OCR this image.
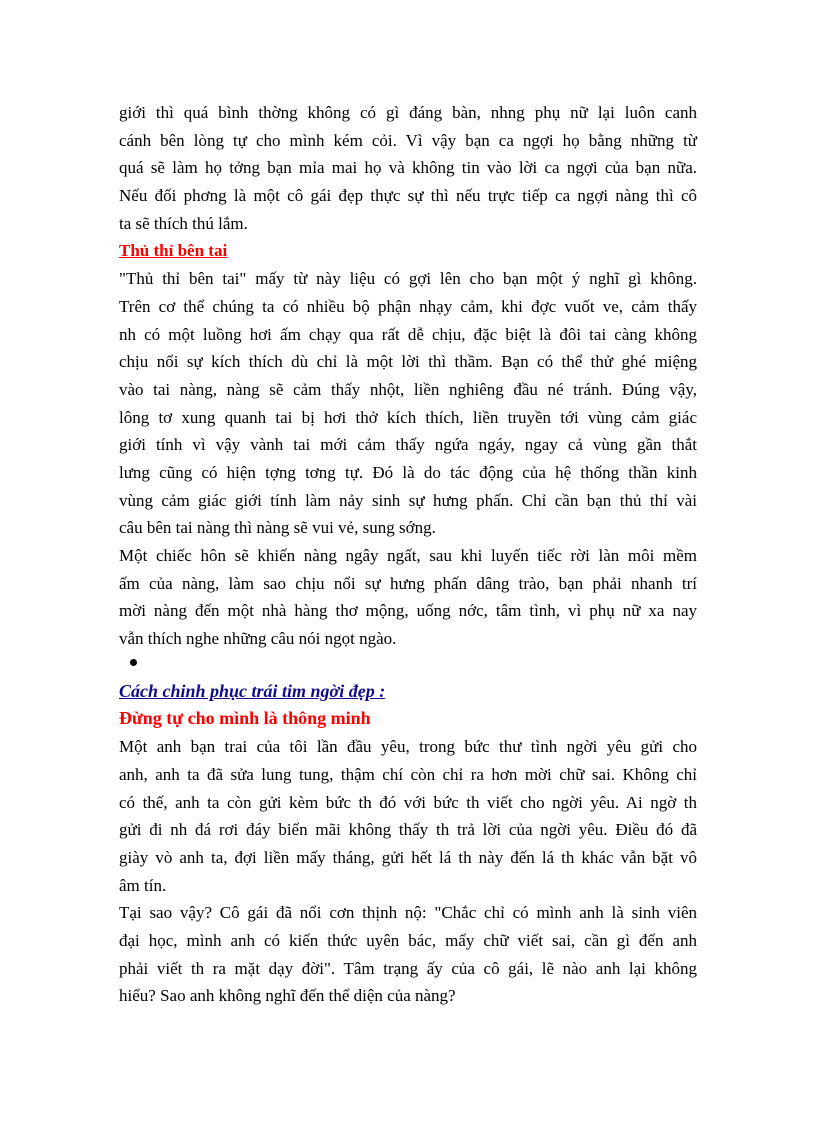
giới thì quá bình thờng không có gì đáng bàn, nhng phụ nữ lại luôn canh
cánh bên lòng tự cho mình kém cỏi. Vì vậy bạn ca ngợi họ bằng những từ
quá sẽ làm họ tởng bạn mỉa mai họ và không tin vào lời ca ngợi của bạn nữa.
Nếu đối phơng là một cô gái đẹp thực sự thì nếu trực tiếp ca ngợi nàng thì cô
ta sẽ thích thú lắm.
Thủ thỉ bên tai
"Thủ thỉ bên tai" mấy từ này liệu có gợi lên cho bạn một ý nghĩ gì không.
Trên cơ thể chúng ta có nhiều bộ phận nhạy cảm, khi đợc vuốt ve, cảm thấy
nh có một luồng hơi ấm chạy qua rất dễ chịu, đặc biệt là đôi tai càng không
chịu nổi sự kích thích dù chỉ là một lời thì thầm. Bạn có thể thử ghé miệng
vào tai nàng, nàng sẽ cảm thấy nhột, liền nghiêng đầu né tránh. Đúng vậy,
lông tơ xung quanh tai bị hơi thở kích thích, liền truyền tới vùng cảm giác
giới tính vì vậy vành tai mới cảm thấy ngứa ngáy, ngay cả vùng gần thắt
lưng cũng có hiện tợng tơng tự. Đó là do tác động của hệ thống thần kinh
vùng cảm giác giới tính làm nảy sinh sự hưng phấn. Chỉ cần bạn thủ thỉ vài
câu bên tai nàng thì nàng sẽ vui vẻ, sung sớng.
Một chiếc hôn sẽ khiến nàng ngây ngất, sau khi luyến tiếc rời làn môi mềm
ấm của nàng, làm sao chịu nổi sự hưng phấn dâng trào, bạn phải nhanh trí
mời nàng đến một nhà hàng thơ mộng, uống nớc, tâm tình, vì phụ nữ xa nay
vẫn thích nghe những câu nói ngọt ngào.
Cách chinh phục trái tim ngời đẹp :
Đừng tự cho mình là thông minh
Một anh bạn trai của tôi lần đầu yêu, trong bức thư tình ngời yêu gửi cho
anh, anh ta đã sửa lung tung, thậm chí còn chỉ ra hơn mời chữ sai. Không chỉ
có thế, anh ta còn gửi kèm bức th đó với bức th viết cho ngời yêu. Ai ngờ th
gửi đi nh đá rơi đáy biển mãi không thấy th trả lời của ngời yêu. Điều đó đã
giày vò anh ta, đợi liền mấy tháng, gửi hết lá th này đến lá th khác vẫn bặt vô
âm tín.
Tại sao vậy? Cô gái đã nổi cơn thịnh nộ: "Chắc chỉ có mình anh là sinh viên
đại học, mình anh có kiến thức uyên bác, mấy chữ viết sai, cần gì đến anh
phải viết th ra mặt dạy đời". Tâm trạng ấy của cô gái, lẽ nào anh lại không
hiểu? Sao anh không nghĩ đến thể diện của nàng?
